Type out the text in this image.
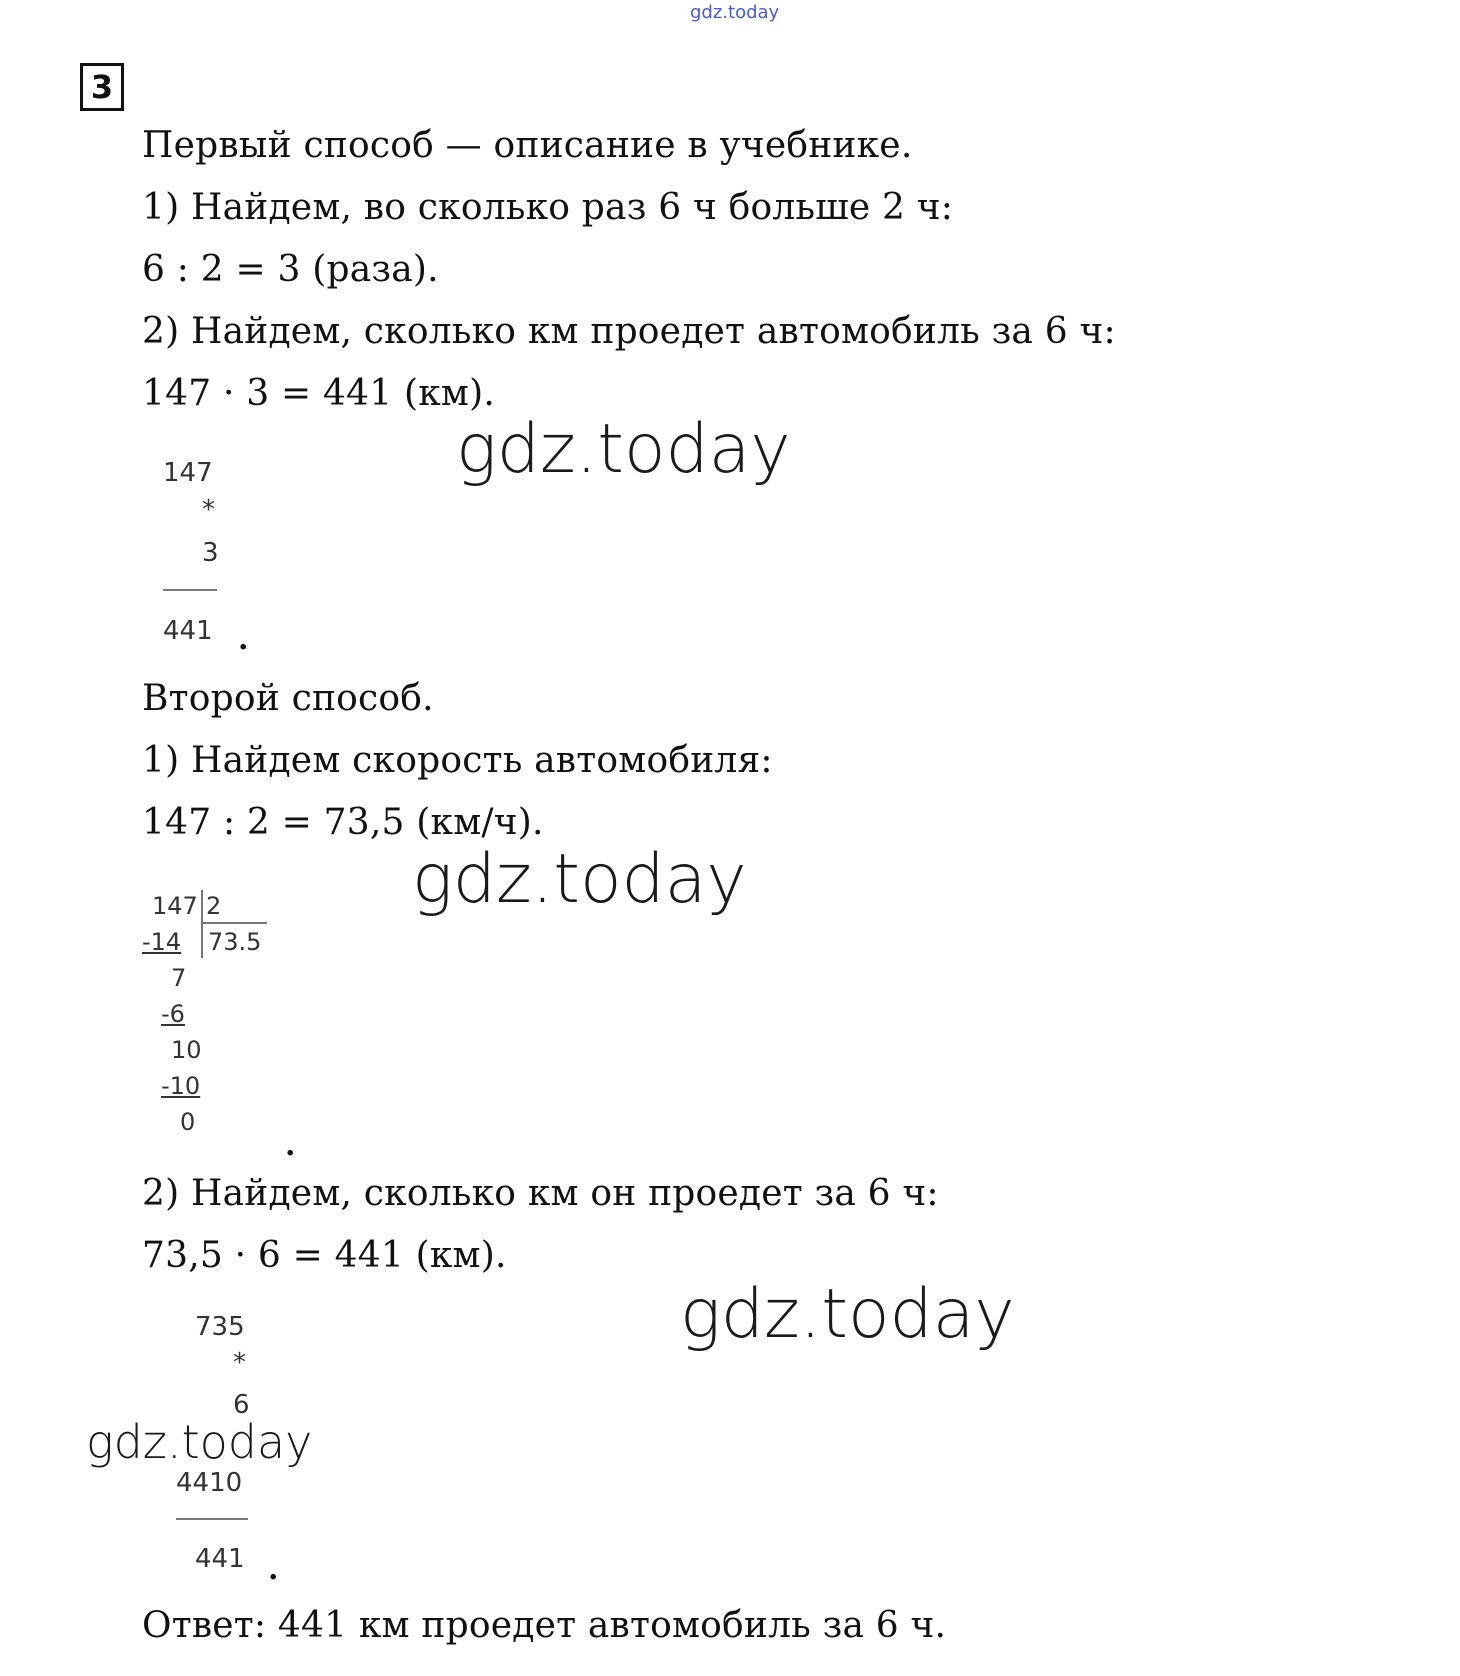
gdz.today
3
Первый способ — описание в учебнике.
1) Найдем, во сколько раз 6 ч больше 2 ч:
6 : 2 = 3 (раза).
2) Найдем, сколько км проедет автомобиль за 6 ч:
147 · 3 = 441 (км).
147
*
3
441 .
Второй способ.
1) Найдем скорость автомобиля:
147 : 2 = 73,5 (км/ч).
147 2
73.5
-14
7
-6
10
-10
0
.
2) Найдем, сколько км он проедет за 6 ч:
73,5 · 6 = 441 (км).
735
*
6
4410
441 .
Ответ: 441 км проедет автомобиль за 6 ч.
gdz.today
gdz.today
gdz.today
gdz.today
